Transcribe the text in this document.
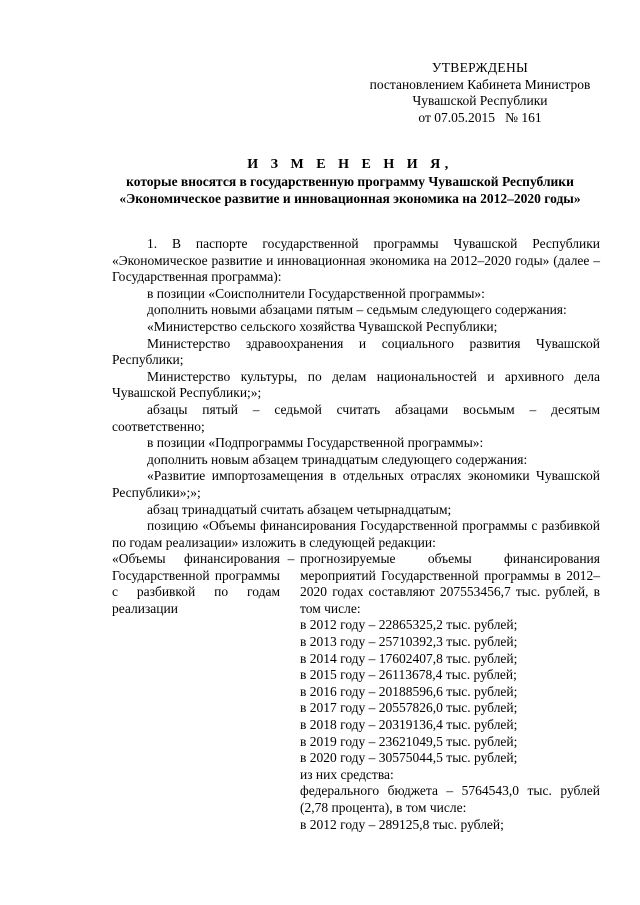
УТВЕРЖДЕНЫ
постановлением Кабинета Министров
Чувашской Республики
от 07.05.2015   № 161
И З М Е Н Е Н И Я,
которые вносятся в государственную программу Чувашской Республики
«Экономическое развитие и инновационная экономика на 2012–2020 годы»

1. В паспорте государственной программы Чувашской Республики «Экономическое развитие и инновационная экономика на 2012–2020 годы» (далее – Государственная программа):

в позиции «Соисполнители Государственной программы»:

дополнить новыми абзацами пятым – седьмым следующего содержания:

«Министерство сельского хозяйства Чувашской Республики;

Министерство здравоохранения и социального развития Чувашской Республики;

Министерство культуры, по делам национальностей и архивного дела Чувашской Республики;»;

абзацы пятый – седьмой считать абзацами восьмым – десятым соответственно;

в позиции «Подпрограммы Государственной программы»:

дополнить новым абзацем тринадцатым следующего содержания:

«Развитие импортозамещения в отдельных отраслях экономики Чувашской Республики»;»;

абзац тринадцатый считать абзацем четырнадцатым;

позицию «Объемы финансирования Государственной программы с разбивкой по годам реализации» изложить в следующей редакции:

«Объемы финансирования Государственной программы с разбивкой по годам реализации
– прогнозируемые объемы финансирования мероприятий Государственной программы в 2012–2020 годах составляют 207553456,7 тыс. рублей, в том числе:
в 2012 году – 22865325,2 тыс. рублей;
в 2013 году – 25710392,3 тыс. рублей;
в 2014 году – 17602407,8 тыс. рублей;
в 2015 году – 26113678,4 тыс. рублей;
в 2016 году – 20188596,6 тыс. рублей;
в 2017 году – 20557826,0 тыс. рублей;
в 2018 году – 20319136,4 тыс. рублей;
в 2019 году – 23621049,5 тыс. рублей;
в 2020 году – 30575044,5 тыс. рублей;
из них средства:
федерального бюджета – 5764543,0 тыс. рублей (2,78 процента), в том числе:
в 2012 году – 289125,8 тыс. рублей;
